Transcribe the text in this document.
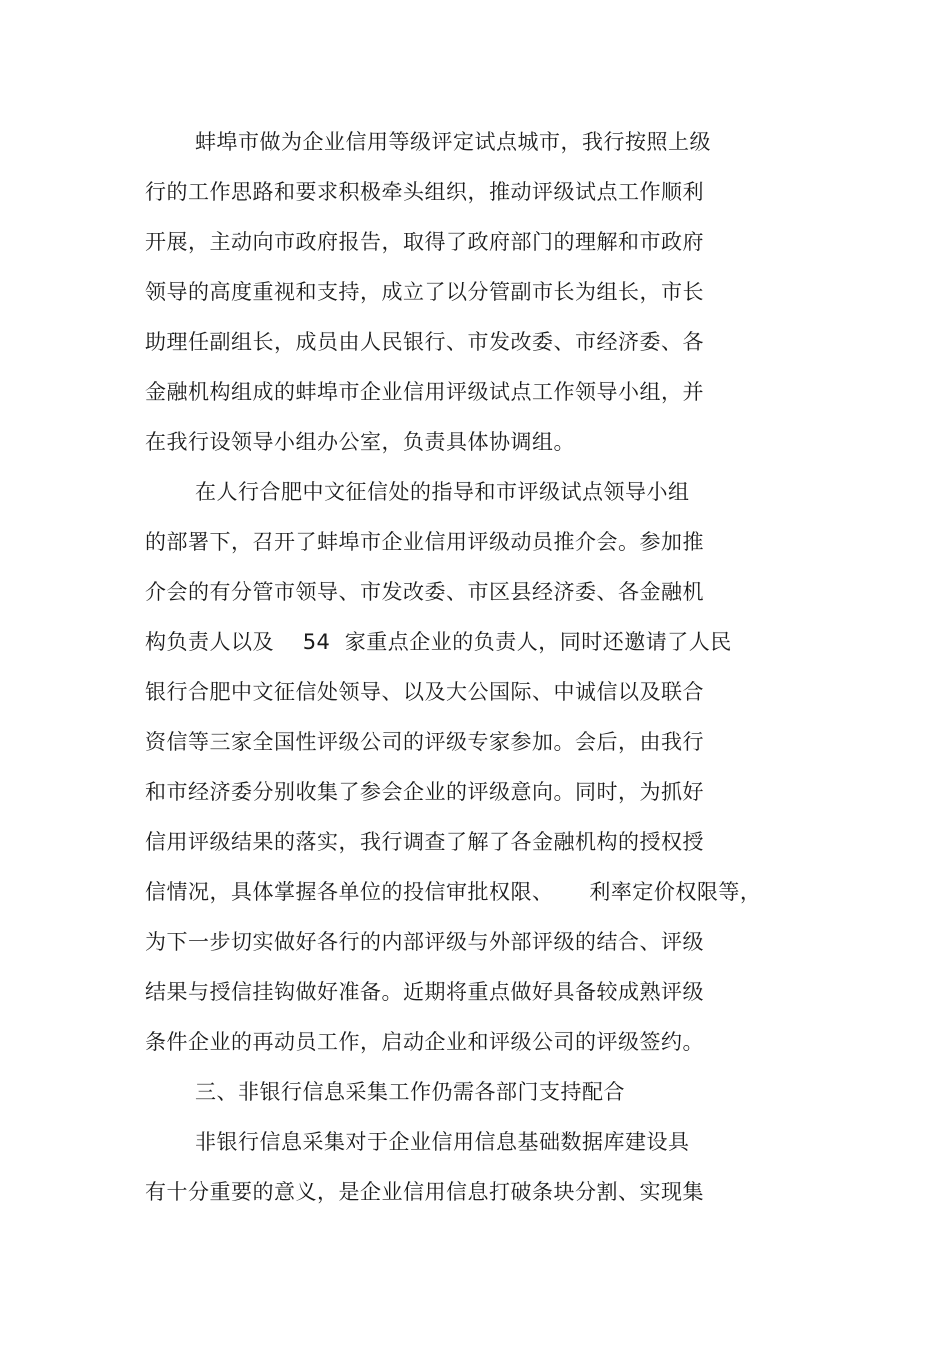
蚌埠市做为企业信用等级评定试点城市，我行按照上级
行的工作思路和要求积极牵头组织，推动评级试点工作顺利
开展，主动向市政府报告，取得了政府部门的理解和市政府
领导的高度重视和支持，成立了以分管副市长为组长，市长
助理任副组长，成员由人民银行、市发改委、市经济委、各
金融机构组成的蚌埠市企业信用评级试点工作领导小组，并
在我行设领导小组办公室，负责具体协调组。
在人行合肥中文征信处的指导和市评级试点领导小组
的部署下，召开了蚌埠市企业信用评级动员推介会。参加推
介会的有分管市领导、市发改委、市区县经济委、各金融机
构负责人以及    54  家重点企业的负责人，同时还邀请了人民
银行合肥中文征信处领导、以及大公国际、中诚信以及联合
资信等三家全国性评级公司的评级专家参加。会后，由我行
和市经济委分别收集了参会企业的评级意向。同时，为抓好
信用评级结果的落实，我行调查了解了各金融机构的授权授
信情况，具体掌握各单位的投信审批权限、     利率定价权限等，
为下一步切实做好各行的内部评级与外部评级的结合、评级
结果与授信挂钩做好准备。近期将重点做好具备较成熟评级
条件企业的再动员工作，启动企业和评级公司的评级签约。
三、非银行信息采集工作仍需各部门支持配合
非银行信息采集对于企业信用信息基础数据库建设具
有十分重要的意义，是企业信用信息打破条块分割、实现集
